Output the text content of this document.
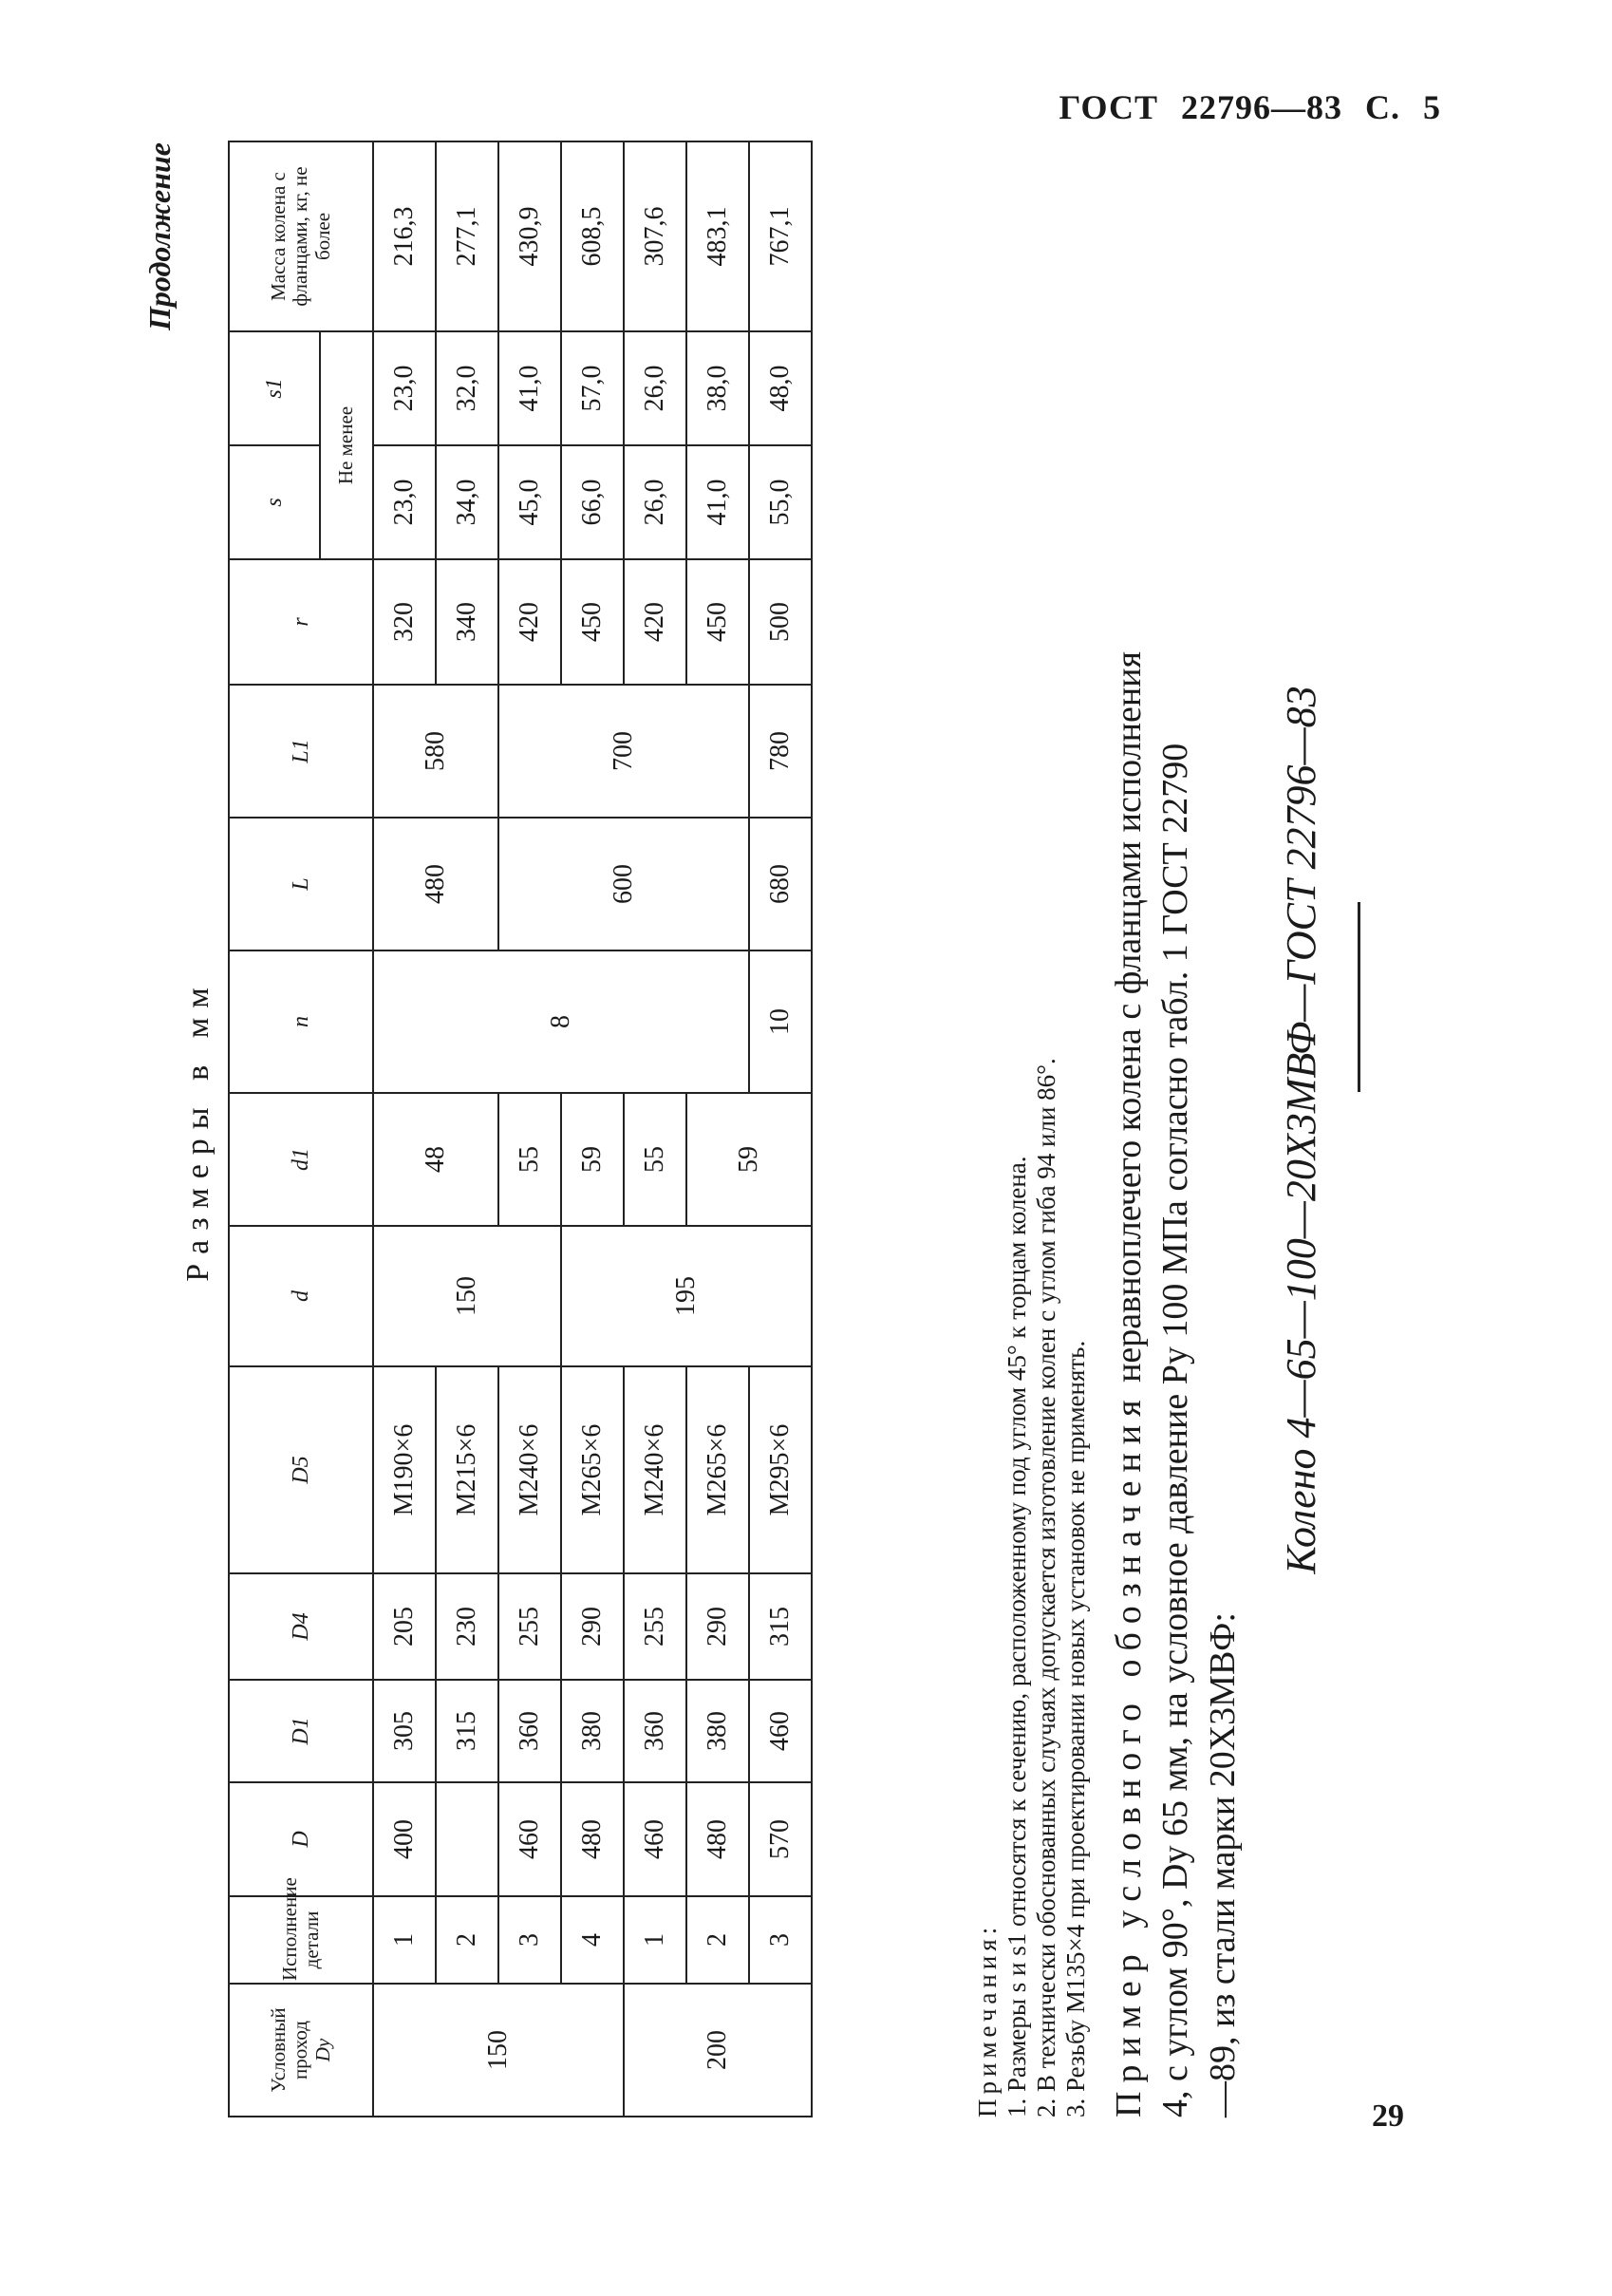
ГОСТ 22796—83 С. 5
Продолжение
Размеры в мм
Условный проход
Dу	Исполнение детали	D	D1	D4	D5	d	d1	n	L	L1	r	s	s1	Масса колена с фланцами, кг, не более
												Не менее		
150	1	400	305	205	M190×6	150	48	8	480	580	320	23,0	23,0	216,3
	2		315	230	M215×6						340	34,0	32,0	277,1
	3	460	360	255	M240×6		55		600	700	420	45,0	41,0	430,9
	4	480	380	290	M265×6	195	59				450	66,0	57,0	608,5
200	1	460	360	255	M240×6		55				420	26,0	26,0	307,6
	2	480	380	290	M265×6		59				450	41,0	38,0	483,1
	3	570	460	315	M295×6			10	680	780	500	55,0	48,0	767,1
Примечания: 1. Размеры s и s1 относятся к сечению, расположенному под углом 45° к торцам колена. 2. В технически обоснованных случаях допускается изготовление колен с углом гиба 94 или 86°. 3. Резьбу M135×4 при проектировании новых установок не применять. Пример условного обозначения неравноплечего колена с фланцами исполнения 4, с углом 90°, Dу 65 мм, на условное давление Pу 100 МПа согласно табл. 1 ГОСТ 22790 —89, из стали марки 20Х3МВФ:
Колено 4—65—100—20Х3МВФ—ГОСТ 22796—83
29
